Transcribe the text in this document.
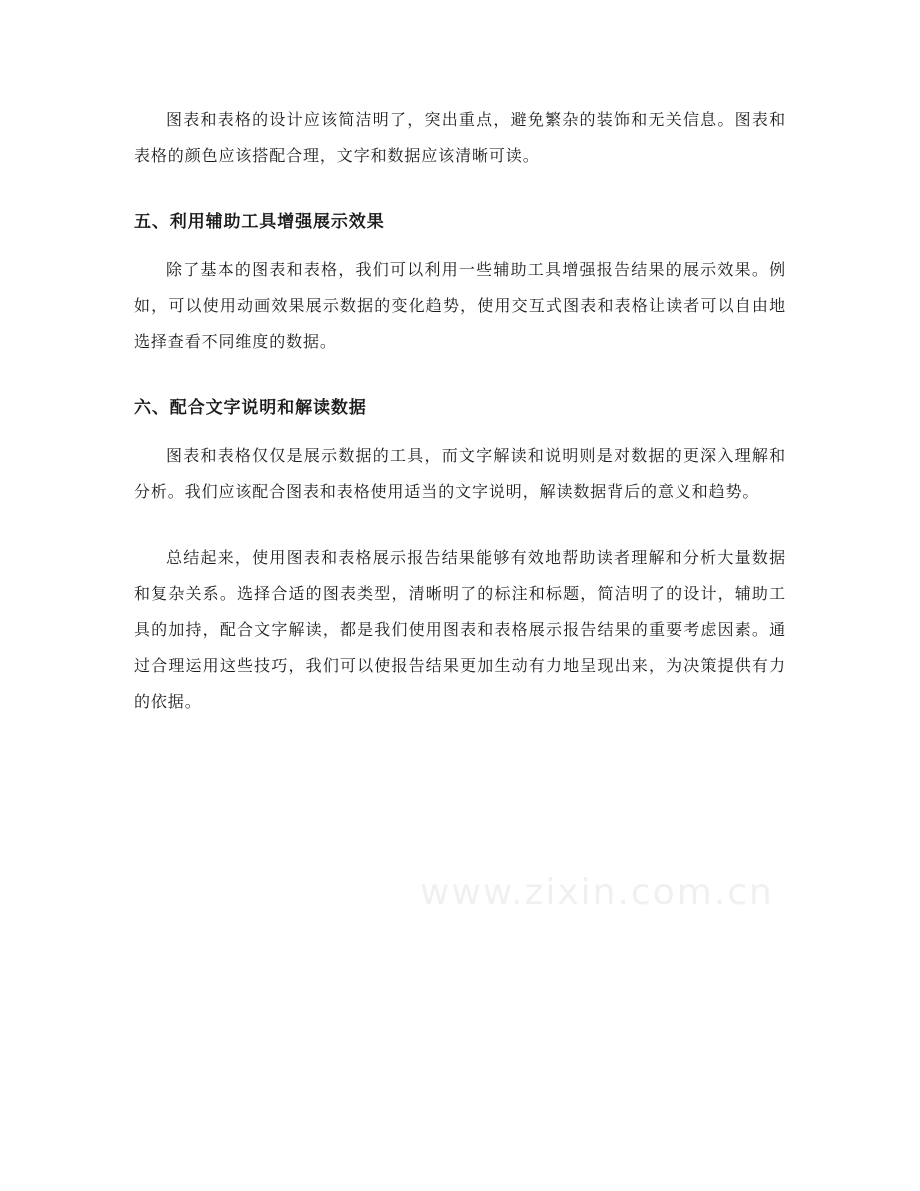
图表和表格的设计应该简洁明了，突出重点，避免繁杂的装饰和无关信息。图表和表格的颜色应该搭配合理，文字和数据应该清晰可读。

五、利用辅助工具增强展示效果

除了基本的图表和表格，我们可以利用一些辅助工具增强报告结果的展示效果。例如，可以使用动画效果展示数据的变化趋势，使用交互式图表和表格让读者可以自由地选择查看不同维度的数据。

六、配合文字说明和解读数据

图表和表格仅仅是展示数据的工具，而文字解读和说明则是对数据的更深入理解和分析。我们应该配合图表和表格使用适当的文字说明，解读数据背后的意义和趋势。

总结起来，使用图表和表格展示报告结果能够有效地帮助读者理解和分析大量数据和复杂关系。选择合适的图表类型，清晰明了的标注和标题，简洁明了的设计，辅助工具的加持，配合文字解读，都是我们使用图表和表格展示报告结果的重要考虑因素。通过合理运用这些技巧，我们可以使报告结果更加生动有力地呈现出来，为决策提供有力的依据。

www.zixin.com.cn
